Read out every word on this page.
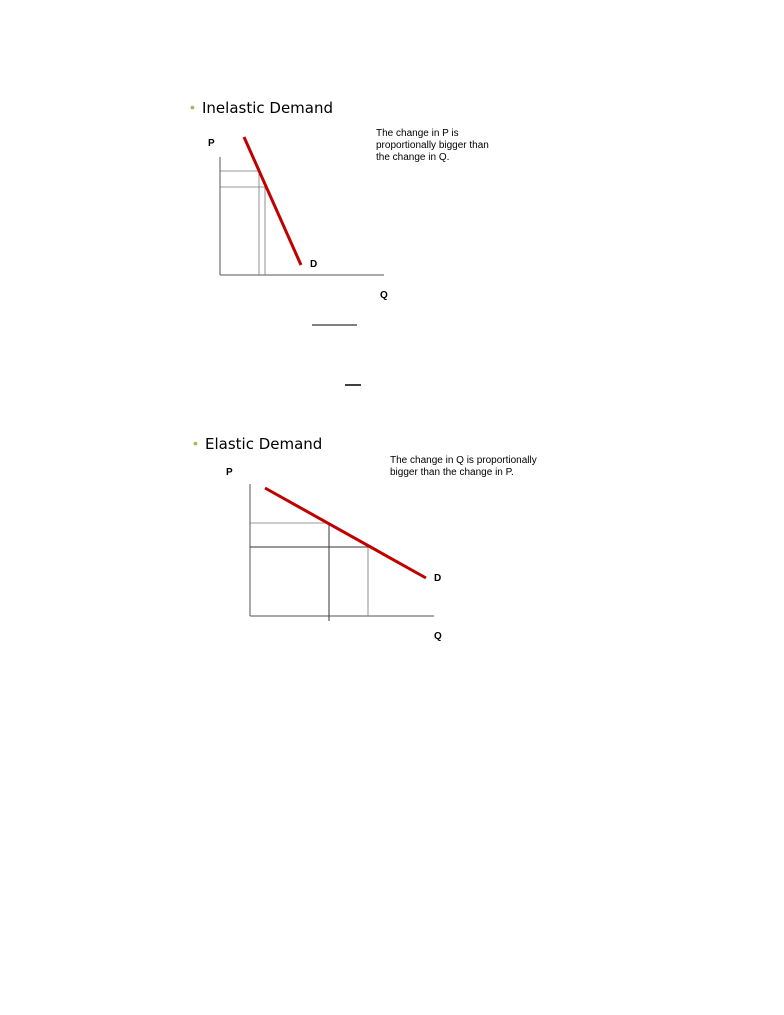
• Inelastic Demand
The change in P is
proportionally bigger than
the change in Q.
P
Q
D
• Elastic Demand
The change in Q is proportionally
bigger than the change in P.
P
Q
D
